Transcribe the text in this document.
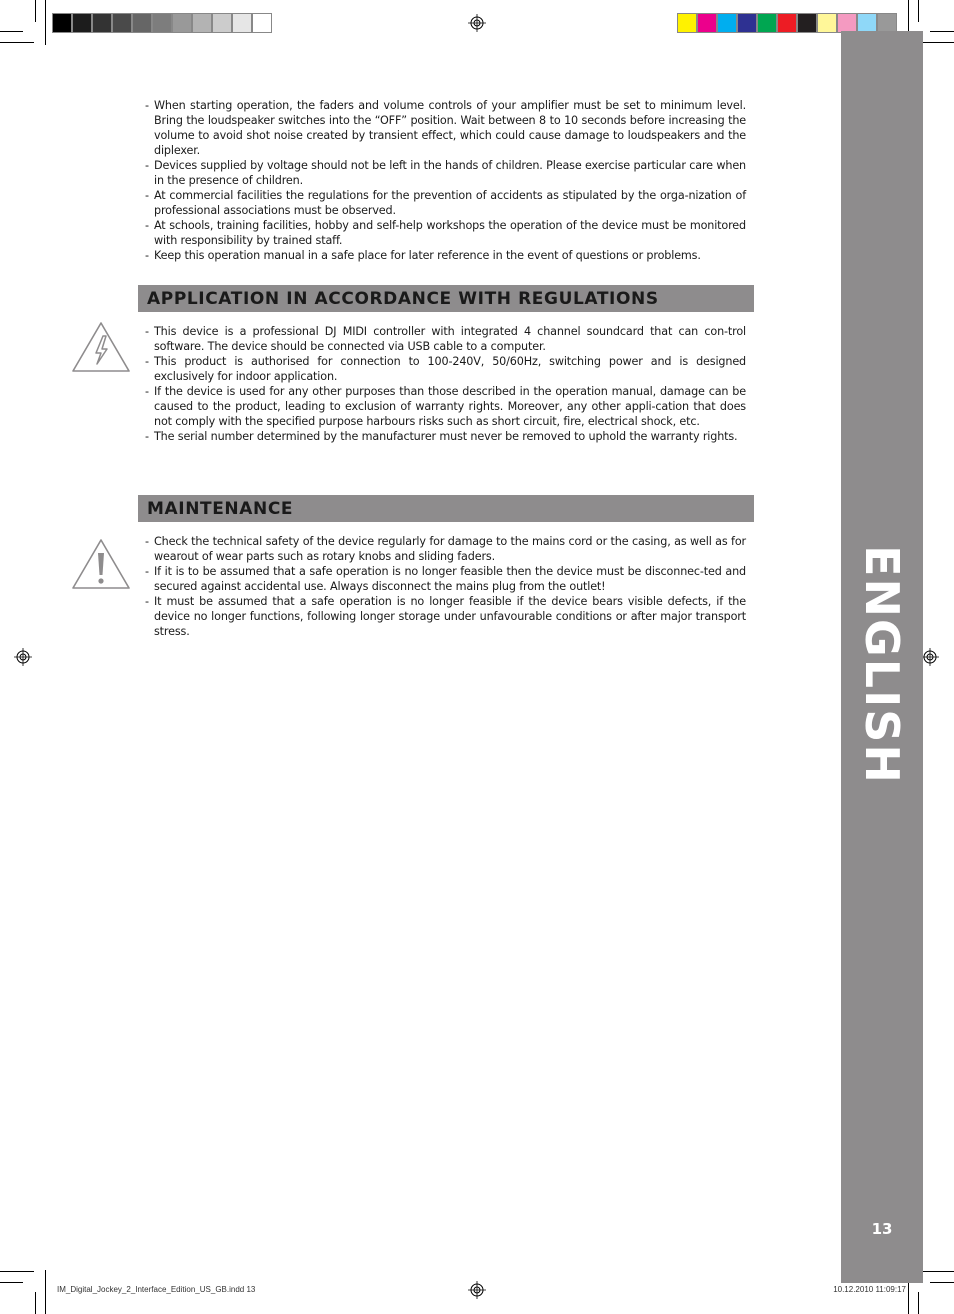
ENGLISH
13
- When starting operation, the faders and volume controls of your amplifier must be set to minimum level. Bring the loudspeaker switches into the “OFF” position. Wait between 8 to 10 seconds before increasing the volume to avoid shot noise created by transient effect, which could cause damage to loudspeakers and the diplexer.
- Devices supplied by voltage should not be left in the hands of children. Please exercise particular care when in the presence of children.
- At commercial facilities the regulations for the prevention of accidents as stipulated by the orga-nization of professional associations must be observed.
- At schools, training facilities, hobby and self-help workshops the operation of the device must be monitored with responsibility by trained staff.
- Keep this operation manual in a safe place for later reference in the event of questions or problems.
APPLICATION IN ACCORDANCE WITH REGULATIONS
- This device is a professional DJ MIDI controller with integrated 4 channel soundcard that can con-trol software. The device should be connected via USB cable to a computer.
- This product is authorised for connection to 100-240V, 50/60Hz, switching power and is designed exclusively for indoor application.
- If the device is used for any other purposes than those described in the operation manual, damage can be caused to the product, leading to exclusion of warranty rights. Moreover, any other appli-cation that does not comply with the specified purpose harbours risks such as short circuit, fire, electrical shock, etc.
- The serial number determined by the manufacturer must never be removed to uphold the warranty rights.
MAINTENANCE
- Check the technical safety of the device regularly for damage to the mains cord or the casing, as well as for wearout of wear parts such as rotary knobs and sliding faders.
- If it is to be assumed that a safe operation is no longer feasible then the device must be disconnec-ted and secured against accidental use. Always disconnect the mains plug from the outlet!
- It must be assumed that a safe operation is no longer feasible if the device bears visible defects, if the device no longer functions, following longer storage under unfavourable conditions or after major transport stress.
IM_Digital_Jockey_2_Interface_Edition_US_GB.indd 13	10.12.2010 11:09:17
